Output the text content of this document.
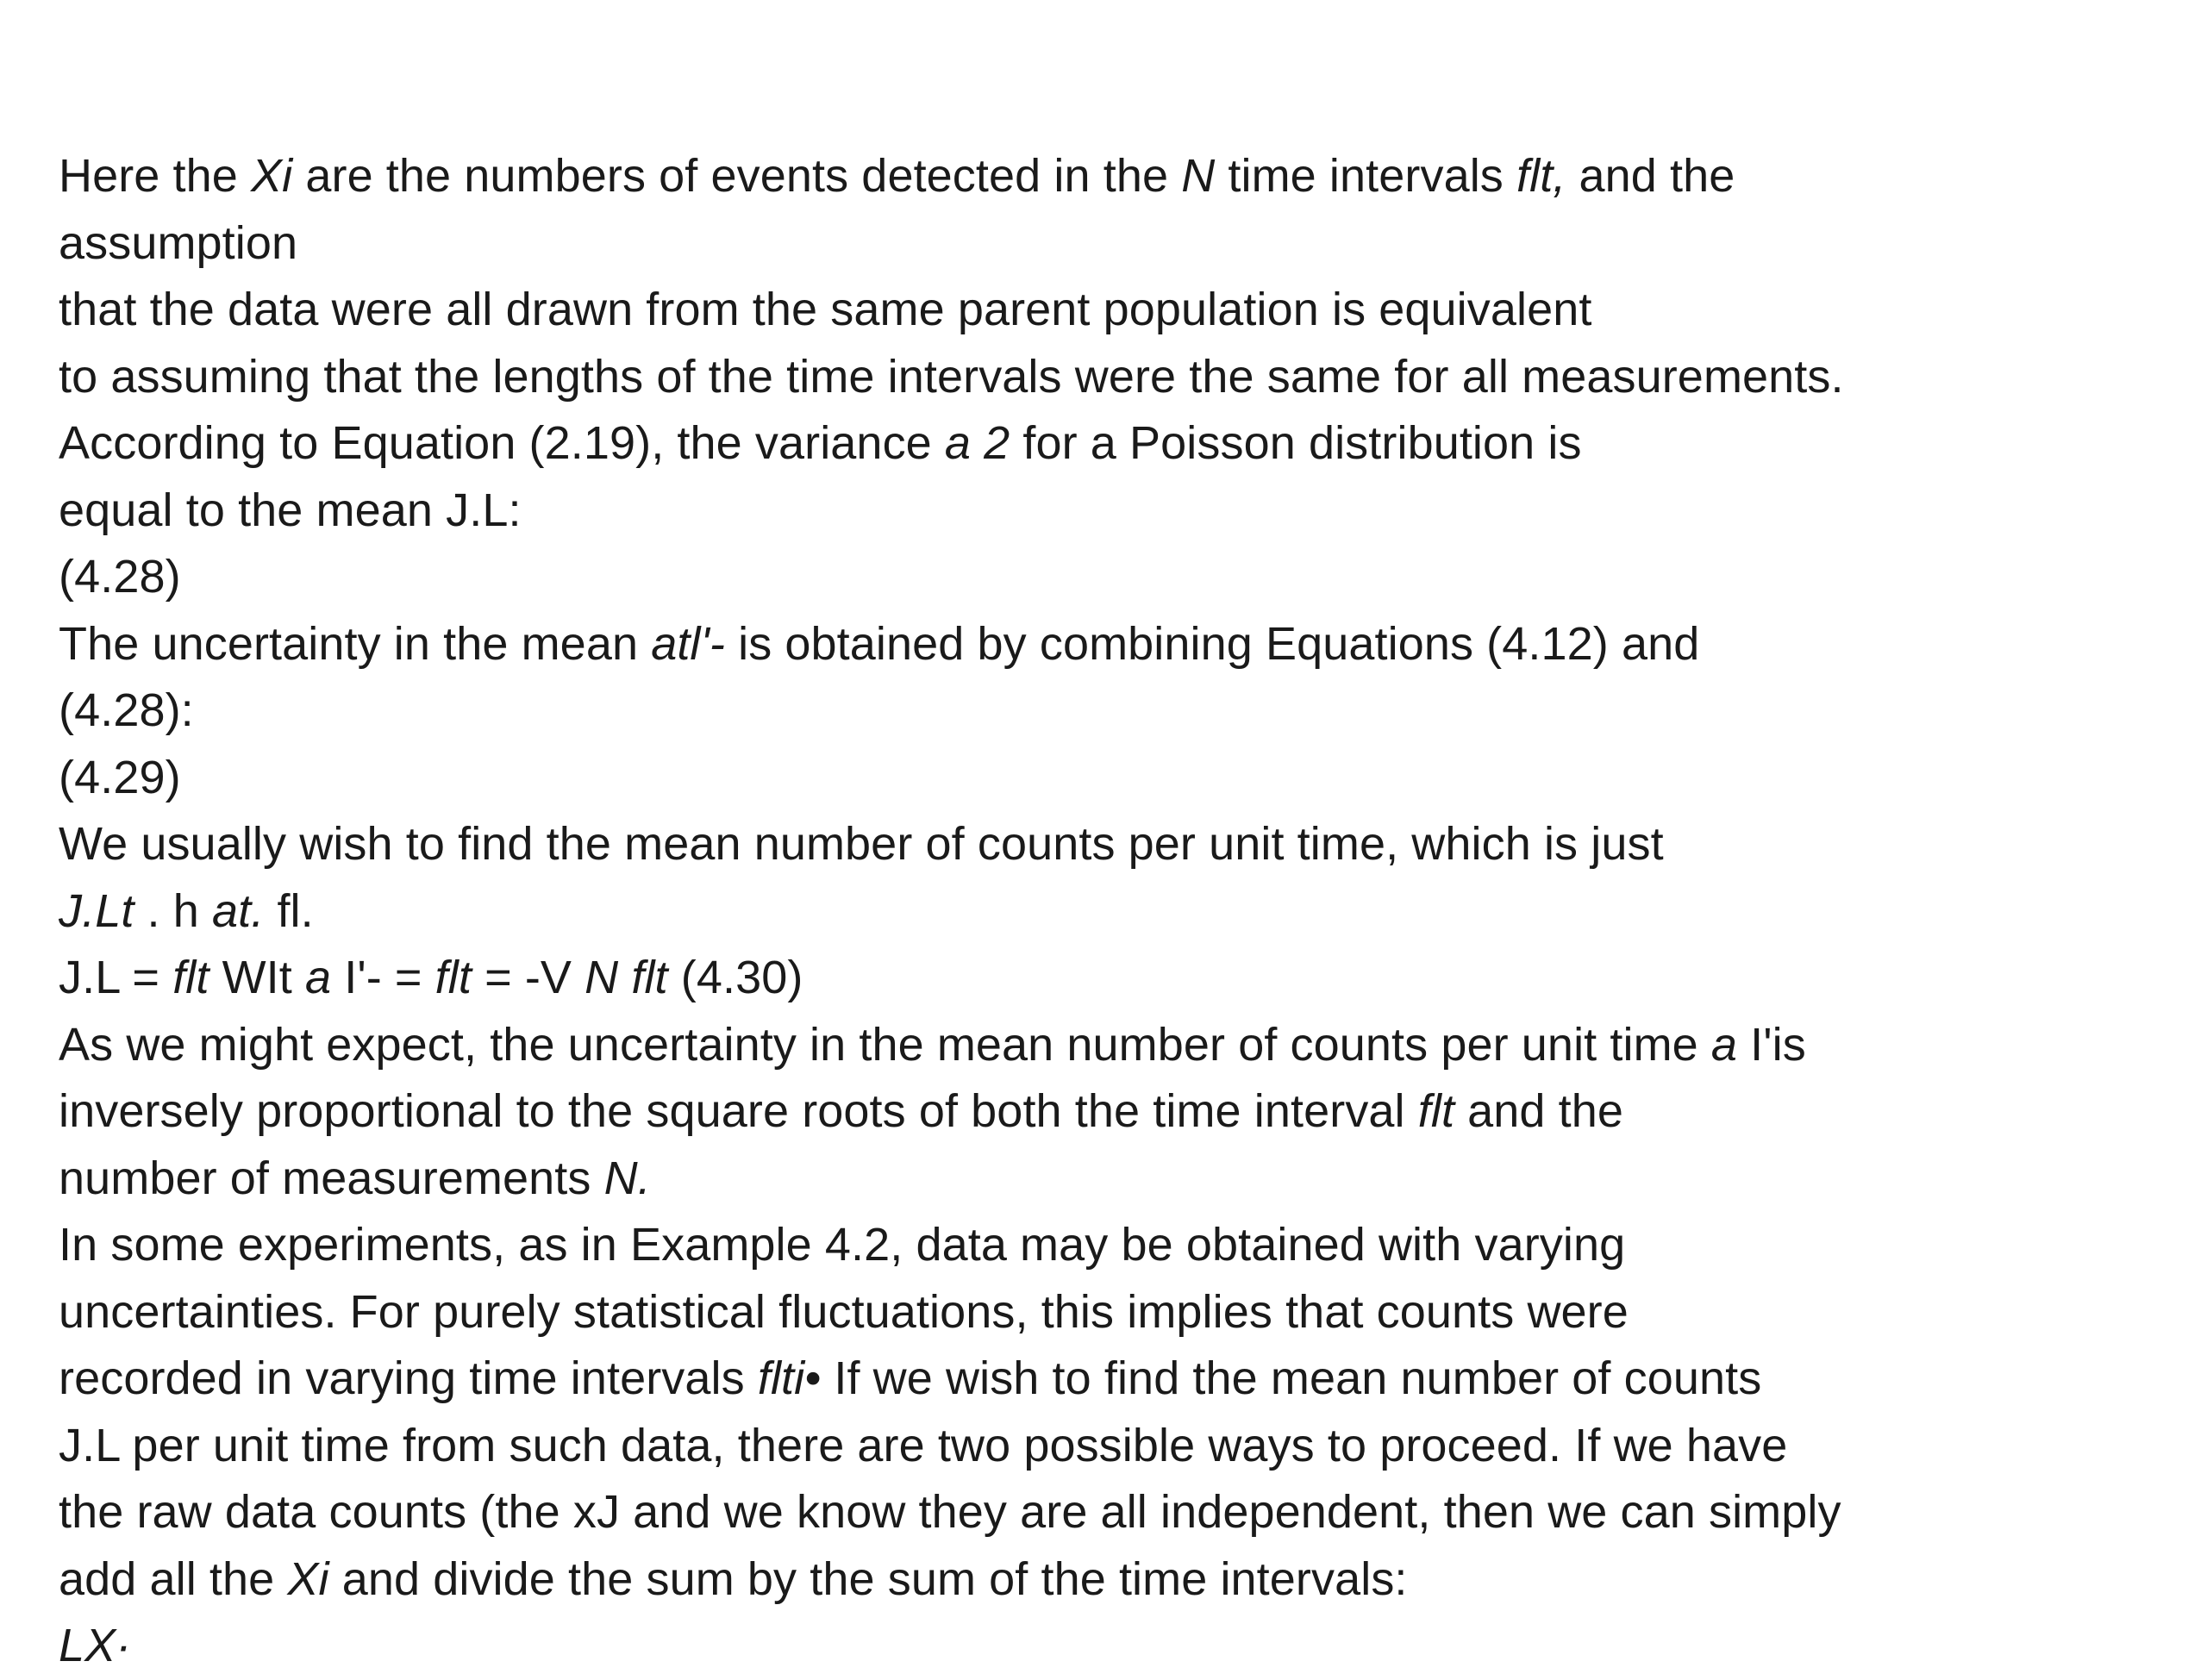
Here the Xi are the numbers of events detected in the N time intervals flt, and the
assumption
that the data were all drawn from the same parent population is equivalent
to assuming that the lengths of the time intervals were the same for all measurements.
According to Equation (2.19), the variance a 2 for a Poisson distribution is
equal to the mean J.L:
(4.28)
The uncertainty in the mean atl'- is obtained by combining Equations (4.12) and
(4.28):
(4.29)
We usually wish to find the mean number of counts per unit time, which is just
J.Lt . h at. fl.
J.L = flt WIt a I'- = flt = -V N flt (4.30)
As we might expect, the uncertainty in the mean number of counts per unit time a I'is
inversely proportional to the square roots of both the time interval flt and the
number of measurements N.
In some experiments, as in Example 4.2, data may be obtained with varying
uncertainties. For purely statistical fluctuations, this implies that counts were
recorded in varying time intervals flti• If we wish to find the mean number of counts
J.L per unit time from such data, there are two possible ways to proceed. If we have
the raw data counts (the xJ and we know they are all independent, then we can simply
add all the Xi and divide the sum by the sum of the time intervals:
LX·
